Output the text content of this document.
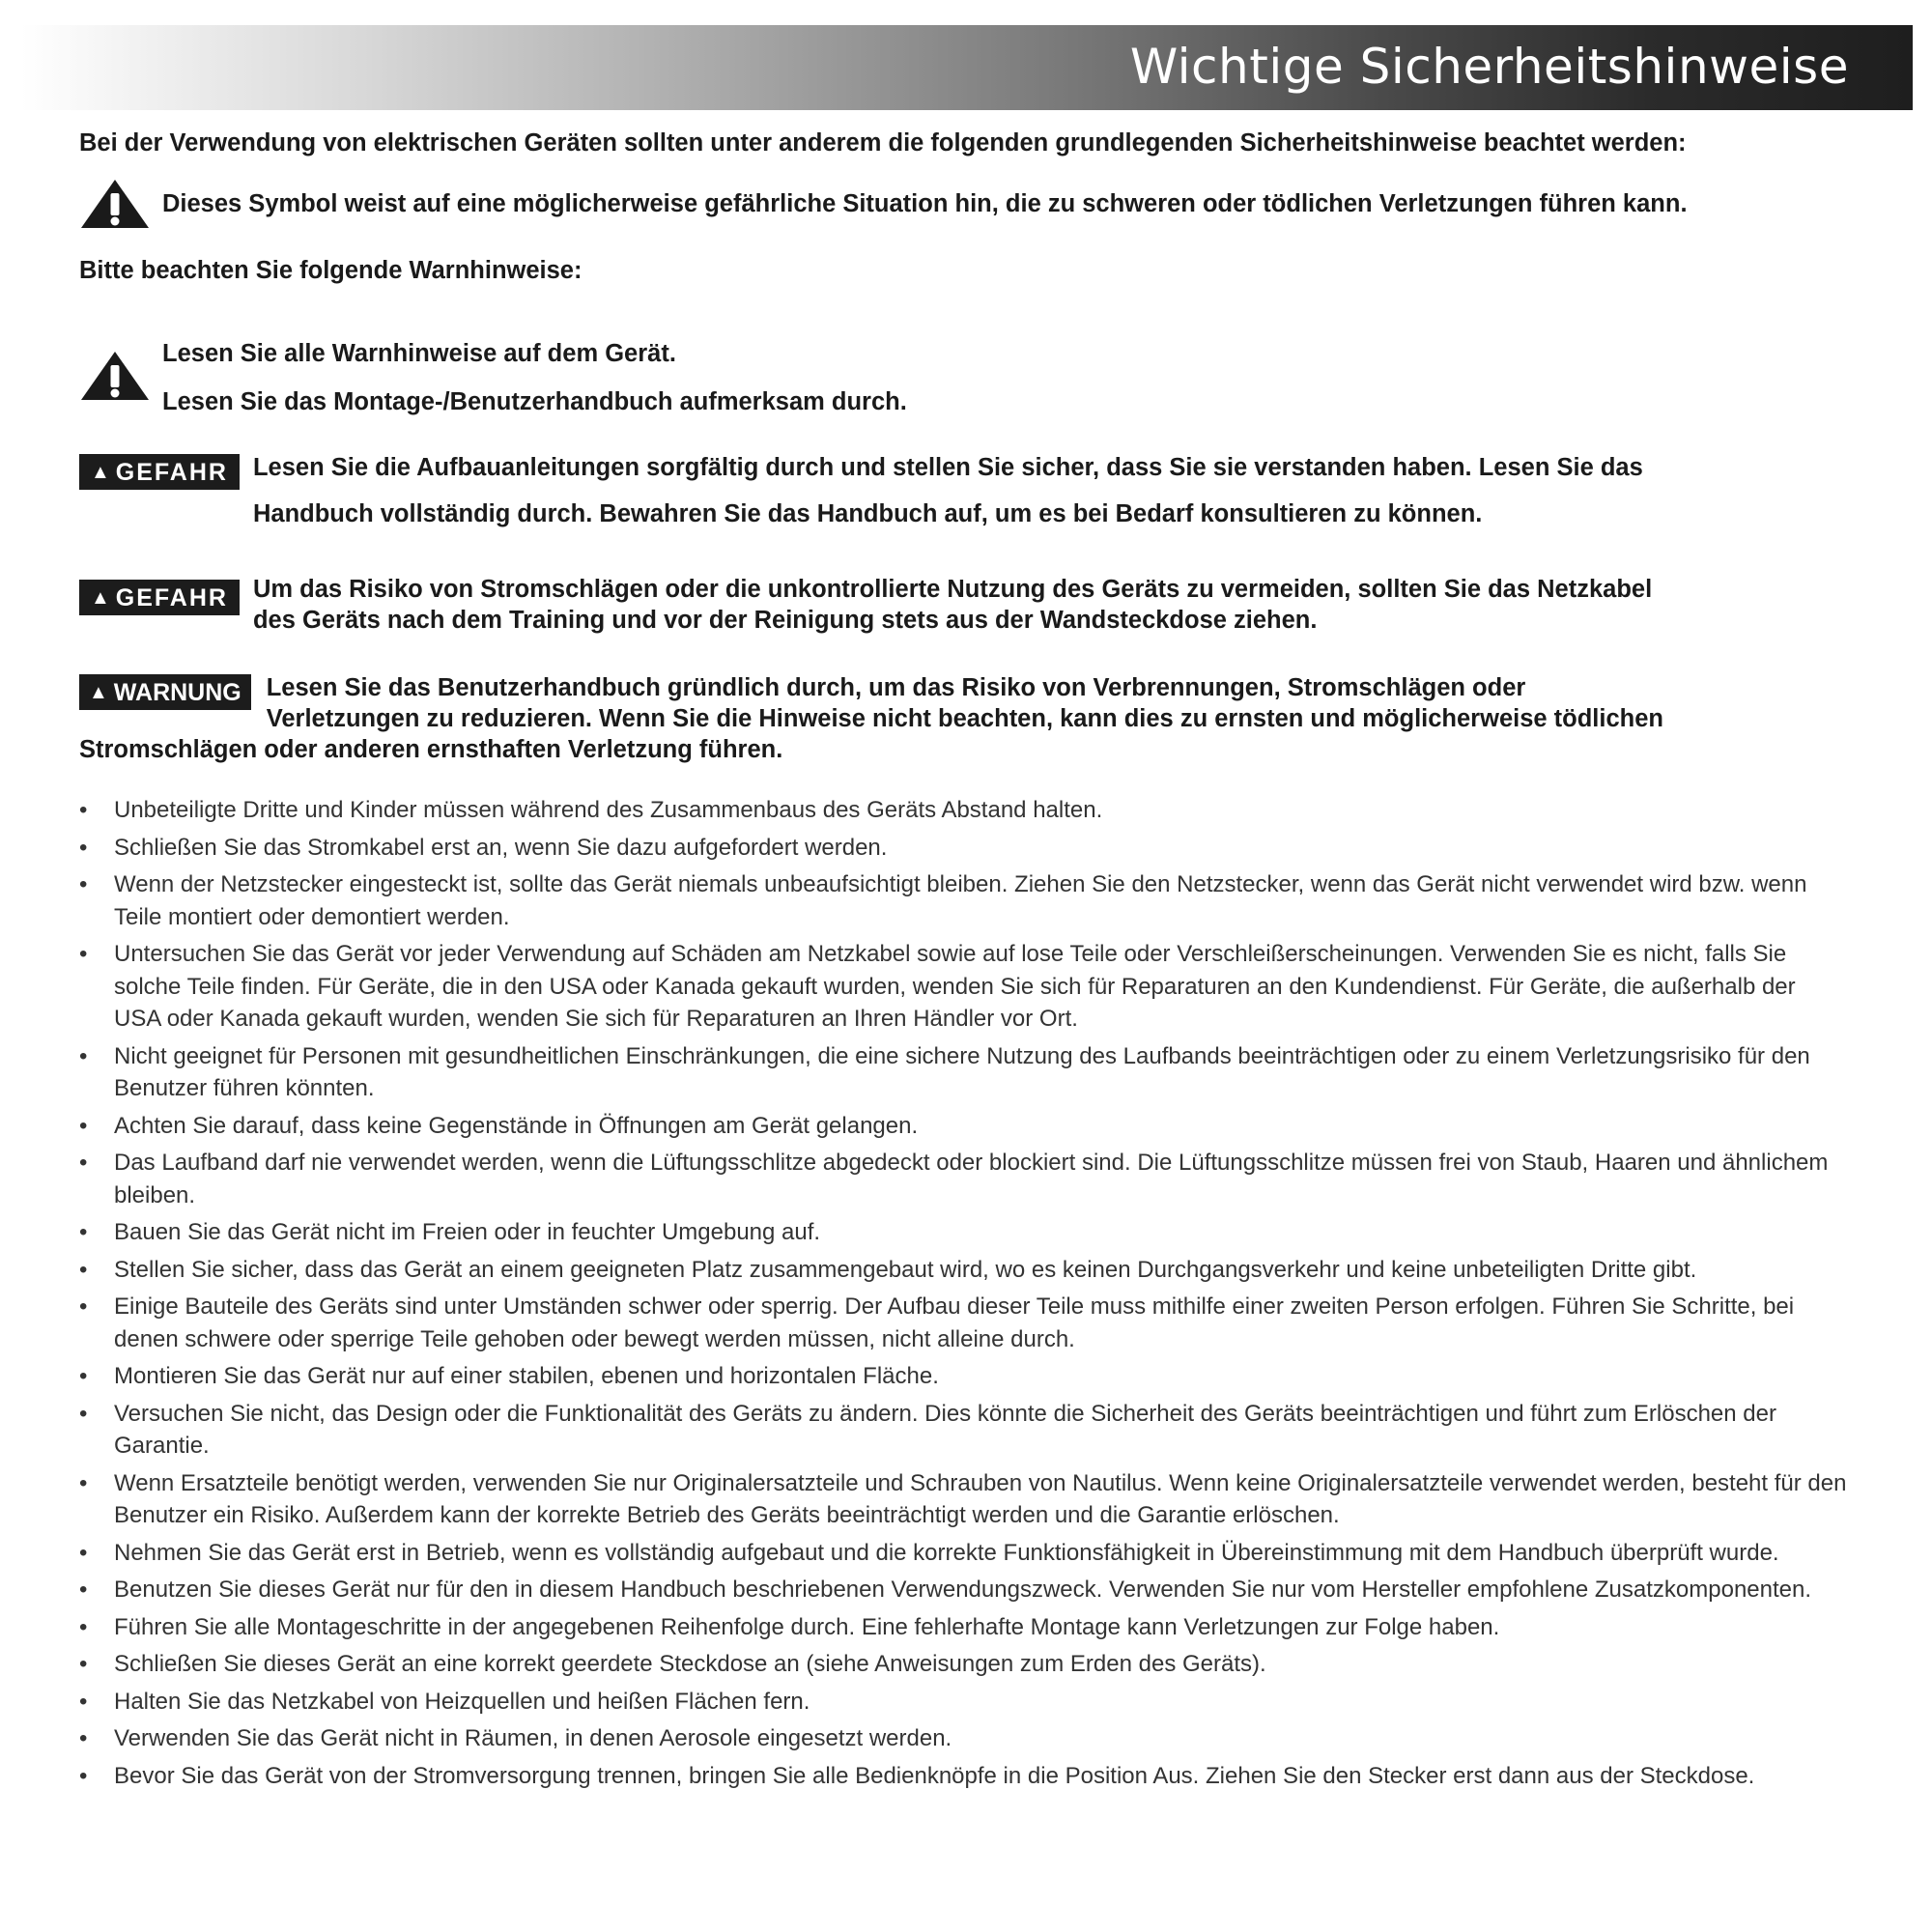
Wichtige Sicherheitshinweise
Bei der Verwendung von elektrischen Geräten sollten unter anderem die folgenden grundlegenden Sicherheitshinweise beachtet werden:
Dieses Symbol weist auf eine möglicherweise gefährliche Situation hin, die zu schweren oder tödlichen Verletzungen führen kann.
Bitte beachten Sie folgende Warnhinweise:
Lesen Sie alle Warnhinweise auf dem Gerät.
Lesen Sie das Montage-/Benutzerhandbuch aufmerksam durch.
▲ GEFAHR Lesen Sie die Aufbauanleitungen sorgfältig durch und stellen Sie sicher, dass Sie sie verstanden haben. Lesen Sie das
Handbuch vollständig durch. Bewahren Sie das Handbuch auf, um es bei Bedarf konsultieren zu können.
▲ GEFAHR Um das Risiko von Stromschlägen oder die unkontrollierte Nutzung des Geräts zu vermeiden, sollten Sie das Netzkabel
des Geräts nach dem Training und vor der Reinigung stets aus der Wandsteckdose ziehen.
▲ WARNUNG	Lesen Sie das Benutzerhandbuch gründlich durch, um das Risiko von Verbrennungen, Stromschlägen oder
Verletzungen zu reduzieren. Wenn Sie die Hinweise nicht beachten, kann dies zu ernsten und möglicherweise tödlichen
Stromschlägen oder anderen ernsthaften Verletzung führen.
• Unbeteiligte Dritte und Kinder müssen während des Zusammenbaus des Geräts Abstand halten.
• Schließen Sie das Stromkabel erst an, wenn Sie dazu aufgefordert werden.
• Wenn der Netzstecker eingesteckt ist, sollte das Gerät niemals unbeaufsichtigt bleiben. Ziehen Sie den Netzstecker, wenn das Gerät nicht verwendet wird bzw. wenn Teile montiert oder demontiert werden.
• Untersuchen Sie das Gerät vor jeder Verwendung auf Schäden am Netzkabel sowie auf lose Teile oder Verschleißerscheinungen. Verwenden Sie es nicht, falls Sie solche Teile finden. Für Geräte, die in den USA oder Kanada gekauft wurden, wenden Sie sich für Reparaturen an den Kundendienst. Für Geräte, die außerhalb der USA oder Kanada gekauft wurden, wenden Sie sich für Reparaturen an Ihren Händler vor Ort.
• Nicht geeignet für Personen mit gesundheitlichen Einschränkungen, die eine sichere Nutzung des Laufbands beeinträchtigen oder zu einem Verletzungsrisiko für den Benutzer führen könnten.
• Achten Sie darauf, dass keine Gegenstände in Öffnungen am Gerät gelangen.
• Das Laufband darf nie verwendet werden, wenn die Lüftungsschlitze abgedeckt oder blockiert sind. Die Lüftungsschlitze müssen frei von Staub, Haaren und ähnlichem bleiben.
• Bauen Sie das Gerät nicht im Freien oder in feuchter Umgebung auf.
• Stellen Sie sicher, dass das Gerät an einem geeigneten Platz zusammengebaut wird, wo es keinen Durchgangsverkehr und keine unbeteiligten Dritte gibt.
• Einige Bauteile des Geräts sind unter Umständen schwer oder sperrig. Der Aufbau dieser Teile muss mithilfe einer zweiten Person erfolgen. Führen Sie Schritte, bei denen schwere oder sperrige Teile gehoben oder bewegt werden müssen, nicht alleine durch.
• Montieren Sie das Gerät nur auf einer stabilen, ebenen und horizontalen Fläche.
• Versuchen Sie nicht, das Design oder die Funktionalität des Geräts zu ändern. Dies könnte die Sicherheit des Geräts beeinträchtigen und führt zum Erlöschen der Garantie.
• Wenn Ersatzteile benötigt werden, verwenden Sie nur Originalersatzteile und Schrauben von Nautilus. Wenn keine Originalersatzteile verwendet werden, besteht für den Benutzer ein Risiko. Außerdem kann der korrekte Betrieb des Geräts beeinträchtigt werden und die Garantie erlöschen.
• Nehmen Sie das Gerät erst in Betrieb, wenn es vollständig aufgebaut und die korrekte Funktionsfähigkeit in Übereinstimmung mit dem Handbuch überprüft wurde.
• Benutzen Sie dieses Gerät nur für den in diesem Handbuch beschriebenen Verwendungszweck. Verwenden Sie nur vom Hersteller empfohlene Zusatzkomponenten.
• Führen Sie alle Montageschritte in der angegebenen Reihenfolge durch. Eine fehlerhafte Montage kann Verletzungen zur Folge haben.
• Schließen Sie dieses Gerät an eine korrekt geerdete Steckdose an (siehe Anweisungen zum Erden des Geräts).
• Halten Sie das Netzkabel von Heizquellen und heißen Flächen fern.
• Verwenden Sie das Gerät nicht in Räumen, in denen Aerosole eingesetzt werden.
• Bevor Sie das Gerät von der Stromversorgung trennen, bringen Sie alle Bedienknöpfe in die Position Aus. Ziehen Sie den Stecker erst dann aus der Steckdose.
